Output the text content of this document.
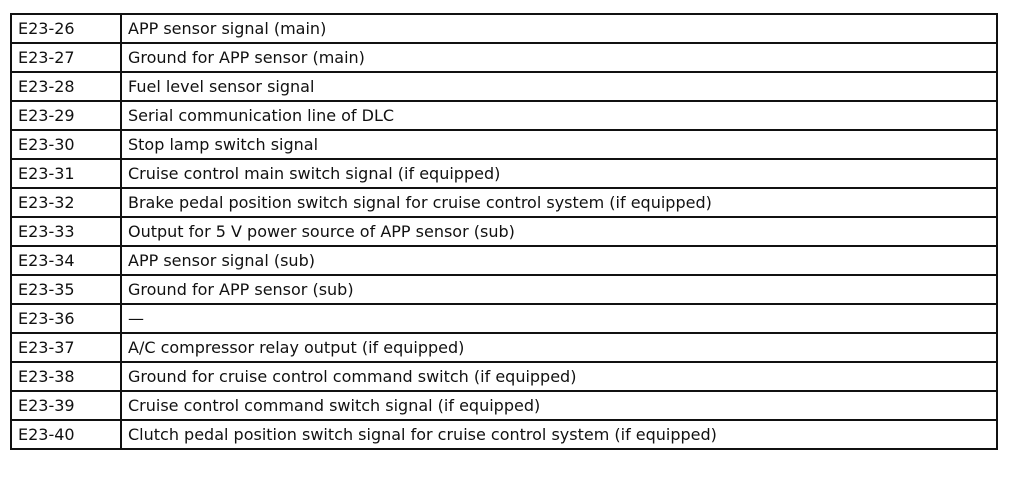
E23-26	APP sensor signal (main)
E23-27	Ground for APP sensor (main)
E23-28	Fuel level sensor signal
E23-29	Serial communication line of DLC
E23-30	Stop lamp switch signal
E23-31	Cruise control main switch signal (if equipped)
E23-32	Brake pedal position switch signal for cruise control system (if equipped)
E23-33	Output for 5 V power source of APP sensor (sub)
E23-34	APP sensor signal (sub)
E23-35	Ground for APP sensor (sub)
E23-36	—
E23-37	A/C compressor relay output (if equipped)
E23-38	Ground for cruise control command switch (if equipped)
E23-39	Cruise control command switch signal (if equipped)
E23-40	Clutch pedal position switch signal for cruise control system (if equipped)
